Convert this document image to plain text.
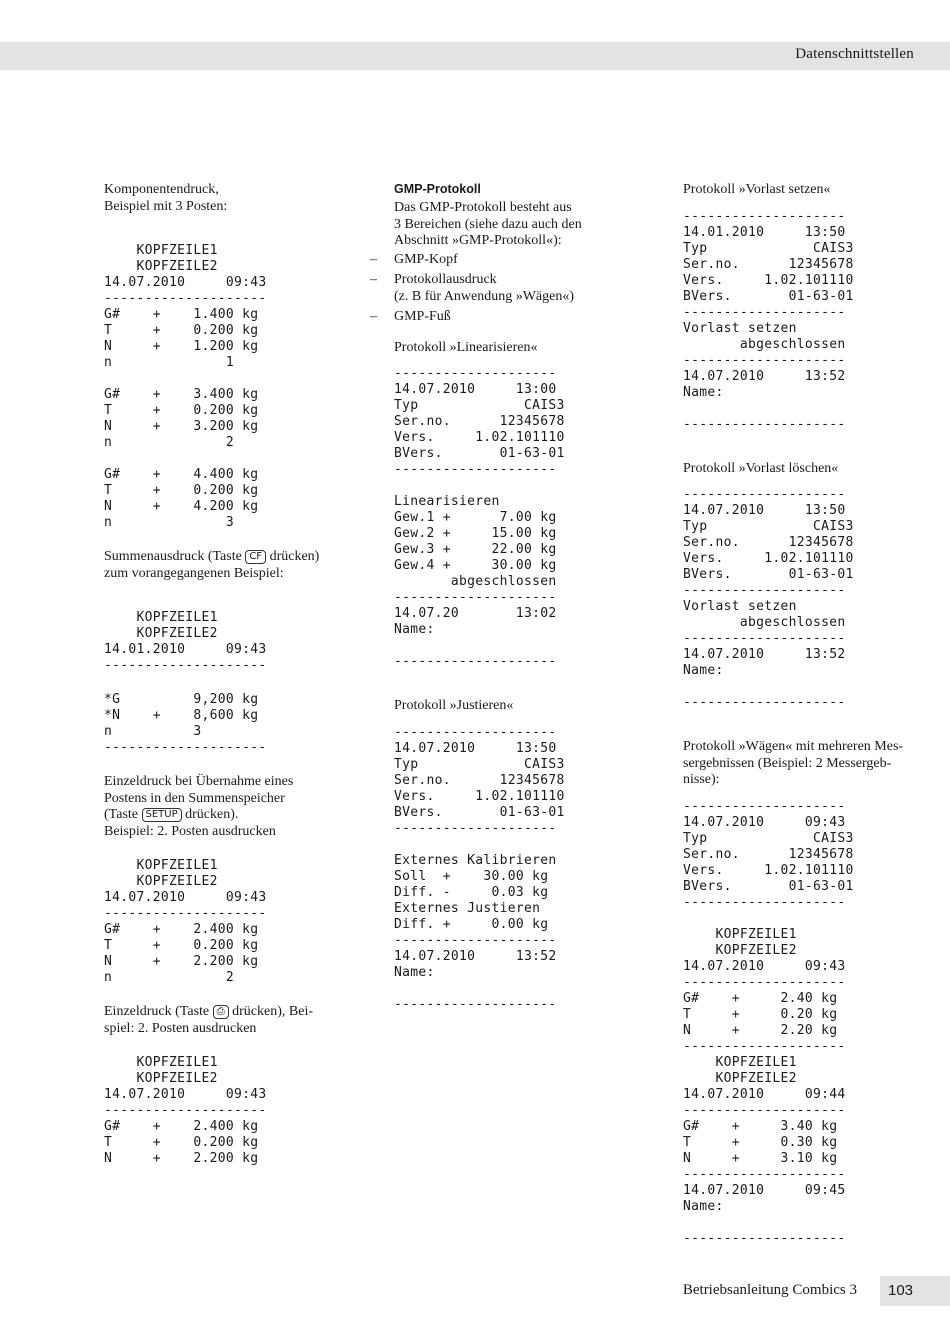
Datenschnittstellen
Komponentendruck,
Beispiel mit 3 Posten:
KOPFZEILE1
KOPFZEILE2
14.07.2010     09:43
--------------------
G#    +    1.400 kg
T     +    0.200 kg
N     +    1.200 kg
n              1

G#    +    3.400 kg
T     +    0.200 kg
N     +    3.200 kg
n              2

G#    +    4.400 kg
T     +    0.200 kg
N     +    4.200 kg
n              3
Summenausdruck (Taste CF drücken)
zum vorangegangenen Beispiel:
KOPFZEILE1
KOPFZEILE2
14.01.2010     09:43
--------------------
*G         9,200 kg
*N    +    8,600 kg
n          3
--------------------
Einzeldruck bei Übernahme eines
Postens in den Summenspeicher
(Taste SETUP drücken).
Beispiel: 2. Posten ausdrucken
KOPFZEILE1
KOPFZEILE2
14.07.2010     09:43
--------------------
G#    +    2.400 kg
T     +    0.200 kg
N     +    2.200 kg
n              2
Einzeldruck (Taste ⎙ drücken), Bei-
spiel: 2. Posten ausdrucken
KOPFZEILE1
KOPFZEILE2
14.07.2010     09:43
--------------------
G#    +    2.400 kg
T     +    0.200 kg
N     +    2.200 kg
GMP-Protokoll
Das GMP-Protokoll besteht aus
3 Bereichen (siehe dazu auch den
Abschnitt »GMP-Protokoll«):
– GMP-Kopf
– Protokollausdruck
(z. B für Anwendung »Wägen«)
– GMP-Fuß
Protokoll »Linearisieren«
--------------------
14.07.2010     13:00
Typ             CAIS3
Ser.no.      12345678
Vers.     1.02.101110
BVers.       01-63-01
--------------------

Linearisieren
Gew.1 +      7.00 kg
Gew.2 +     15.00 kg
Gew.3 +     22.00 kg
Gew.4 +     30.00 kg
abgeschlossen
--------------------
14.07.20       13:02
Name:

--------------------
Protokoll »Justieren«
--------------------
14.07.2010     13:50
Typ             CAIS3
Ser.no.      12345678
Vers.     1.02.101110
BVers.       01-63-01
--------------------

Externes Kalibrieren
Soll  +    30.00 kg
Diff. -     0.03 kg
Externes Justieren
Diff. +     0.00 kg
--------------------
14.07.2010     13:52
Name:

--------------------
Protokoll »Vorlast setzen«
--------------------
14.01.2010     13:50
Typ             CAIS3
Ser.no.      12345678
Vers.     1.02.101110
BVers.       01-63-01
--------------------
Vorlast setzen
abgeschlossen
--------------------
14.07.2010     13:52
Name:

--------------------
Protokoll »Vorlast löschen«
--------------------
14.07.2010     13:50
Typ             CAIS3
Ser.no.      12345678
Vers.     1.02.101110
BVers.       01-63-01
--------------------
Vorlast setzen
abgeschlossen
--------------------
14.07.2010     13:52
Name:

--------------------
Protokoll »Wägen« mit mehreren Mes-
sergebnissen (Beispiel: 2 Messergeb-
nisse):
--------------------
14.07.2010     09:43
Typ             CAIS3
Ser.no.      12345678
Vers.     1.02.101110
BVers.       01-63-01
--------------------

KOPFZEILE1
KOPFZEILE2
14.07.2010     09:43
--------------------
G#    +     2.40 kg
T     +     0.20 kg
N     +     2.20 kg
--------------------
KOPFZEILE1
KOPFZEILE2
14.07.2010     09:44
--------------------
G#    +     3.40 kg
T     +     0.30 kg
N     +     3.10 kg
--------------------
14.07.2010     09:45
Name:

--------------------
Betriebsanleitung Combics 3 103
